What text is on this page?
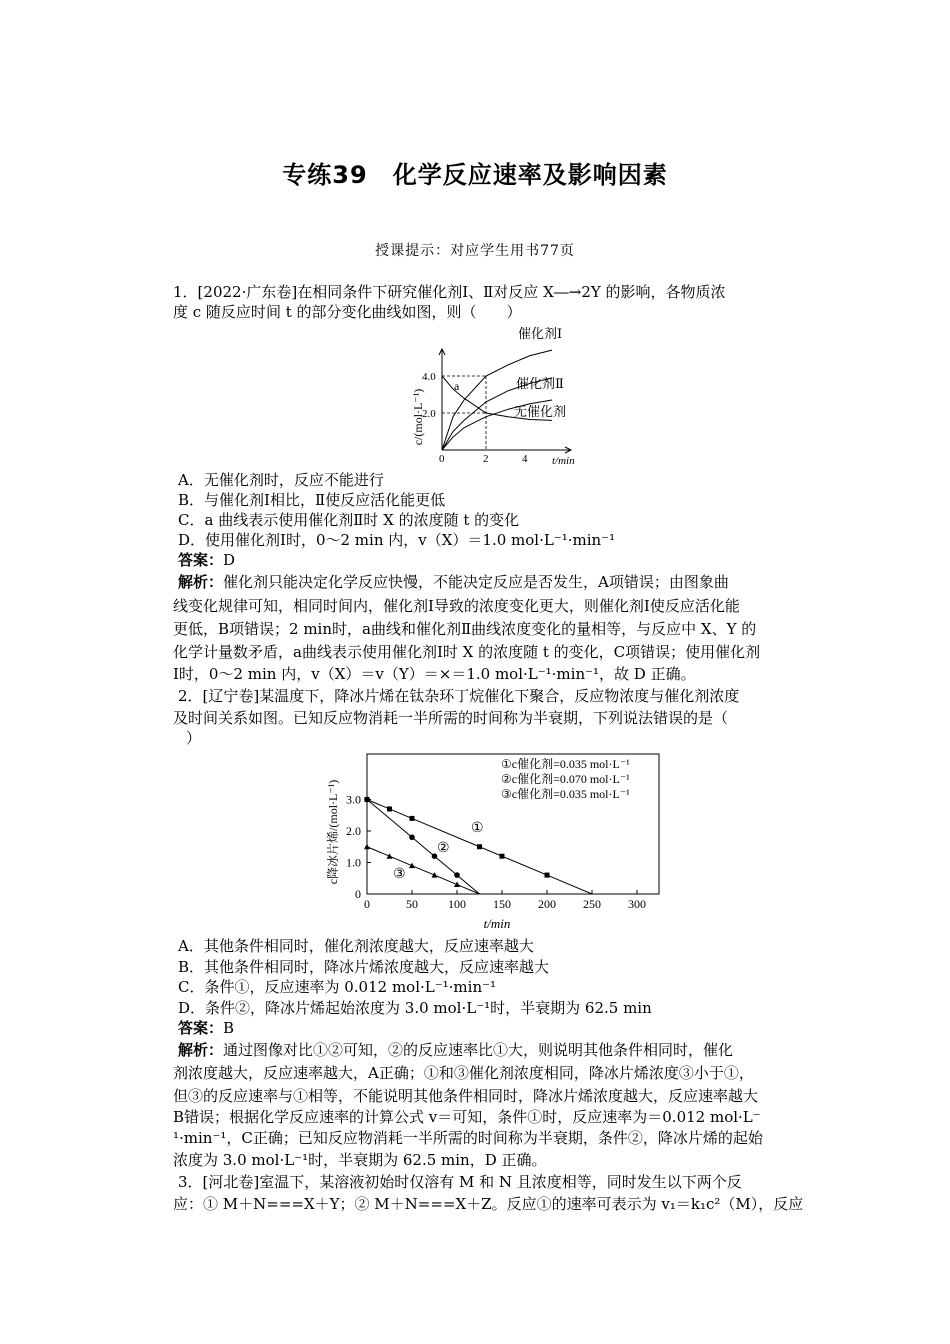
专练39　化学反应速率及影响因素
授课提示：对应学生用书77页
1．[2022·广东卷]在相同条件下研究催化剂Ⅰ、Ⅱ对反应 X―→2Y 的影响，各物质浓
度 c 随反应时间 t 的部分变化曲线如图，则（　　）
c/(mol·L⁻¹)
t/min
0	2	4
2.0
4.0
催化剂Ⅰ
催化剂Ⅱ
无催化剂
a
A．无催化剂时，反应不能进行
B．与催化剂Ⅰ相比，Ⅱ使反应活化能更低
C．a 曲线表示使用催化剂Ⅱ时 X 的浓度随 t 的变化
D．使用催化剂Ⅰ时，0～2 min 内，v（X）＝1.0 mol·L⁻¹·min⁻¹
答案：D
解析：催化剂只能决定化学反应快慢，不能决定反应是否发生，A项错误；由图象曲
线变化规律可知，相同时间内，催化剂Ⅰ导致的浓度变化更大，则催化剂Ⅰ使反应活化能
更低，B项错误；2 min时，a曲线和催化剂Ⅱ曲线浓度变化的量相等，与反应中 X、Y 的
化学计量数矛盾，a曲线表示使用催化剂Ⅰ时 X 的浓度随 t 的变化，C项错误；使用催化剂
Ⅰ时，0～2 min 内，v（X）＝v（Y）＝×＝1.0 mol·L⁻¹·min⁻¹，故 D 正确。
2．[辽宁卷]某温度下，降冰片烯在钛杂环丁烷催化下聚合，反应物浓度与催化剂浓度
及时间关系如图。已知反应物消耗一半所需的时间称为半衰期，下列说法错误的是（
）
0	50	100 150 200 250 300
0
1.0
2.0
3.0
c降冰片烯/(mol·L⁻¹)
t/min
①c催化剂=0.035 mol·L⁻¹
②c催化剂=0.070 mol·L⁻¹
③c催化剂=0.035 mol·L⁻¹
①
②
③
A．其他条件相同时，催化剂浓度越大，反应速率越大
B．其他条件相同时，降冰片烯浓度越大，反应速率越大
C．条件①，反应速率为 0.012 mol·L⁻¹·min⁻¹
D．条件②，降冰片烯起始浓度为 3.0 mol·L⁻¹时，半衰期为 62.5 min
答案：B
解析：通过图像对比①②可知，②的反应速率比①大，则说明其他条件相同时，催化
剂浓度越大，反应速率越大，A正确；①和③催化剂浓度相同，降冰片烯浓度③小于①，
但③的反应速率与①相等，不能说明其他条件相同时，降冰片烯浓度越大，反应速率越大
B错误；根据化学反应速率的计算公式 v＝可知，条件①时，反应速率为＝0.012 mol·L⁻
¹·min⁻¹，C正确；已知反应物消耗一半所需的时间称为半衰期，条件②，降冰片烯的起始
浓度为 3.0 mol·L⁻¹时，半衰期为 62.5 min，D 正确。
3．[河北卷]室温下，某溶液初始时仅溶有 M 和 N 且浓度相等，同时发生以下两个反
应：① M＋N===X＋Y；② M＋N===X＋Z。反应①的速率可表示为 v₁＝k₁c²（M），反应
